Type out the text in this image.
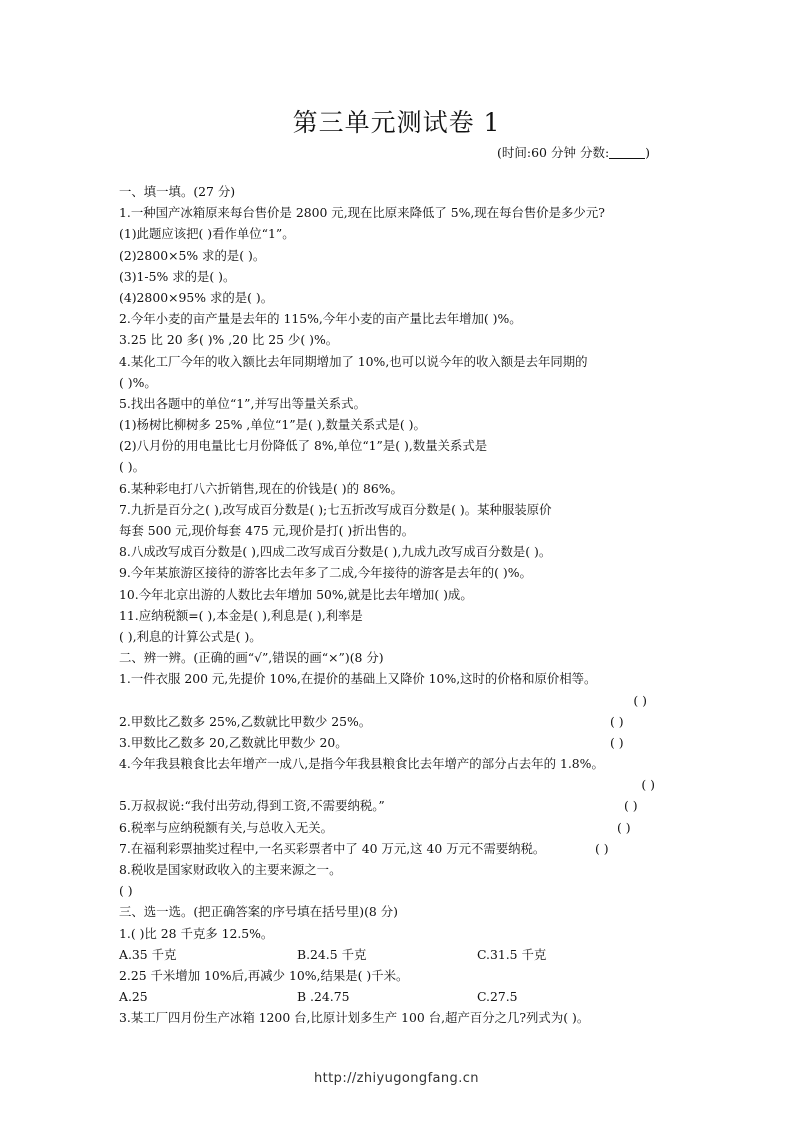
第三单元测试卷 1
(时间:60 分钟 分数:	)
一、填一填。(27 分)
1.一种国产冰箱原来每台售价是 2800 元,现在比原来降低了 5%,现在每台售价是多少元?
(1)此题应该把( )看作单位“1”。
(2)2800×5% 求的是( )。
(3)1-5% 求的是( )。
(4)2800×95% 求的是( )。
2.今年小麦的亩产量是去年的 115%,今年小麦的亩产量比去年增加( )%。
3.25 比 20 多( )% ,20 比 25 少( )%。
4.某化工厂今年的收入额比去年同期增加了 10%,也可以说今年的收入额是去年同期的
( )%。
5.找出各题中的单位“1”,并写出等量关系式。
(1)杨树比柳树多 25% ,单位“1”是( ),数量关系式是( )。
(2)八月份的用电量比七月份降低了 8%,单位“1”是( ),数量关系式是
( )。
6.某种彩电打八六折销售,现在的价钱是( )的 86%。
7.九折是百分之( ),改写成百分数是( );七五折改写成百分数是( )。某种服装原价
每套 500 元,现价每套 475 元,现价是打( )折出售的。
8.八成改写成百分数是( ),四成二改写成百分数是( ),九成九改写成百分数是( )。
9.今年某旅游区接待的游客比去年多了二成,今年接待的游客是去年的( )%。
10.今年北京出游的人数比去年增加 50%,就是比去年增加( )成。
11.应纳税额=( ),本金是( ),利息是( ),利率是
( ),利息的计算公式是( )。
二、辨一辨。(正确的画“√”,错误的画“×”)(8 分)
1.一件衣服 200 元,先提价 10%,在提价的基础上又降价 10%,这时的价格和原价相等。
( )
2.甲数比乙数多 25%,乙数就比甲数少 25%。	( )
3.甲数比乙数多 20,乙数就比甲数少 20。	( )
4.今年我县粮食比去年增产一成八,是指今年我县粮食比去年增产的部分占去年的 1.8%。
( )
5.万叔叔说:“我付出劳动,得到工资,不需要纳税。”	( )
6.税率与应纳税额有关,与总收入无关。	( )
7.在福利彩票抽奖过程中,一名买彩票者中了 40 万元,这 40 万元不需要纳税。	( )
8.税收是国家财政收入的主要来源之一。
( )
三、选一选。(把正确答案的序号填在括号里)(8 分)
1.( )比 28 千克多 12.5%。
A.35 千克	B.24.5 千克	C.31.5 千克
2.25 千米增加 10%后,再减少 10%,结果是( )千米。
A.25	B .24.75	C.27.5
3.某工厂四月份生产冰箱 1200 台,比原计划多生产 100 台,超产百分之几?列式为( )。
http://zhiyugongfang.cn
